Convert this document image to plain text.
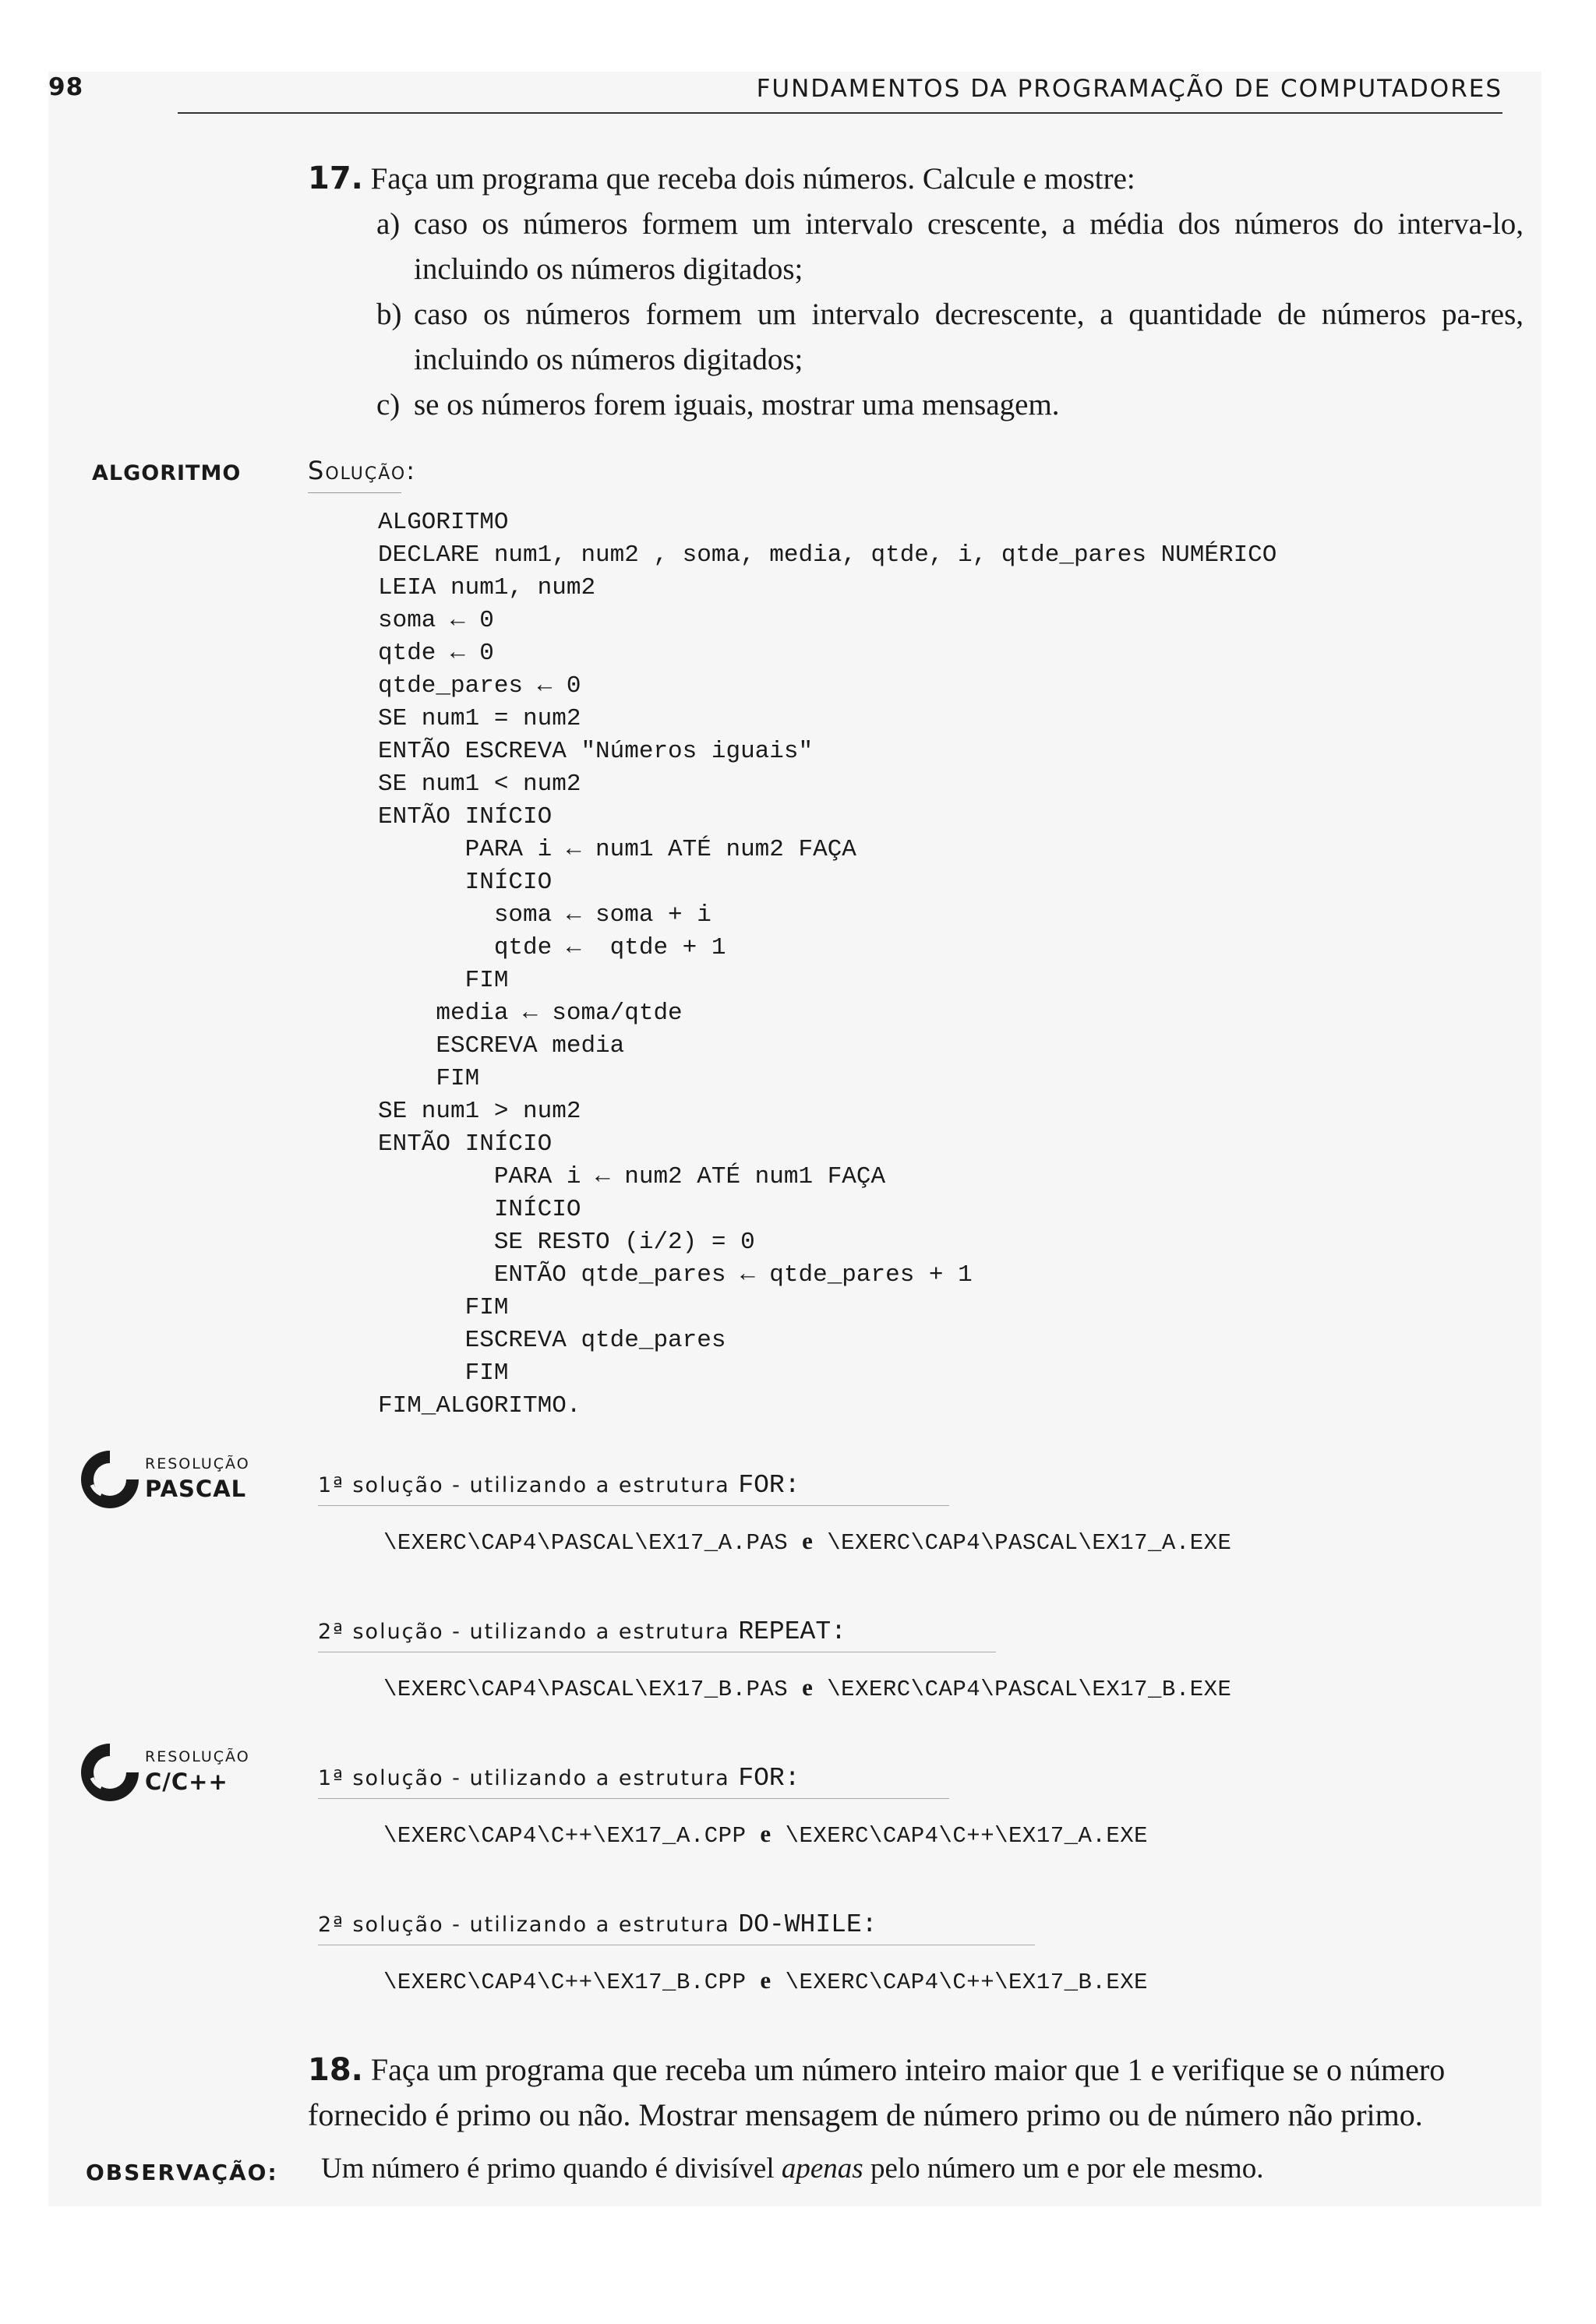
98	FUNDAMENTOS DA PROGRAMAÇÃO DE COMPUTADORES
17. Faça um programa que receba dois números. Calcule e mostre:
a) caso os números formem um intervalo crescente, a média dos números do interva-lo, incluindo os números digitados;
b) caso os números formem um intervalo decrescente, a quantidade de números pa-res, incluindo os números digitados;
c) se os números forem iguais, mostrar uma mensagem.
ALGORITMO	Solução:
ALGORITMO
DECLARE num1, num2 , soma, media, qtde, i, qtde_pares NUMÉRICO
LEIA num1, num2
soma ← 0
qtde ← 0
qtde_pares ← 0
SE num1 = num2
ENTÃO ESCREVA "Números iguais"
SE num1 < num2
ENTÃO INÍCIO
PARA i ← num1 ATÉ num2 FAÇA
INÍCIO
soma ← soma + i
qtde ←  qtde + 1
FIM
media ← soma/qtde
ESCREVA media
FIM
SE num1 > num2
ENTÃO INÍCIO
PARA i ← num2 ATÉ num1 FAÇA
INÍCIO
SE RESTO (i/2) = 0
ENTÃO qtde_pares ← qtde_pares + 1
FIM
ESCREVA qtde_pares
FIM
FIM_ALGORITMO.
RESOLUÇÃO
PASCAL	1ª solução - utilizando a estrutura FOR:
\EXERC\CAP4\PASCAL\EX17_A.PAS e \EXERC\CAP4\PASCAL\EX17_A.EXE
2ª solução - utilizando a estrutura REPEAT:
\EXERC\CAP4\PASCAL\EX17_B.PAS e \EXERC\CAP4\PASCAL\EX17_B.EXE
RESOLUÇÃO
C/C++	1ª solução - utilizando a estrutura FOR:
\EXERC\CAP4\C++\EX17_A.CPP e \EXERC\CAP4\C++\EX17_A.EXE
2ª solução - utilizando a estrutura DO-WHILE:
\EXERC\CAP4\C++\EX17_B.CPP e \EXERC\CAP4\C++\EX17_B.EXE
18. Faça um programa que receba um número inteiro maior que 1 e verifique se o número fornecido é primo ou não. Mostrar mensagem de número primo ou de número não primo.
OBSERVAÇÃO: Um número é primo quando é divisível apenas pelo número um e por ele mesmo.
